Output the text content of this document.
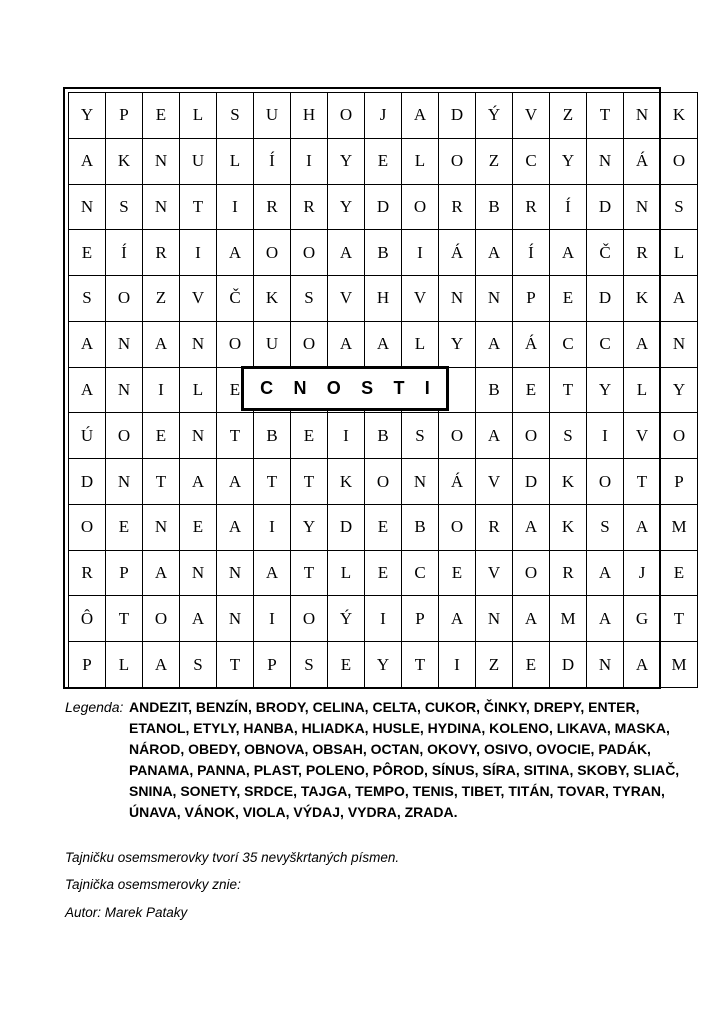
Y	P	E	L	S	U	H	O	J	A	D	Ý	V	Z	T	N	K
A	K	N	U	L	Í	I	Y	E	L	O	Z	C	Y	N	Á	O
N	S	N	T	I	R	R	Y	D	O	R	B	R	Í	D	N	S
E	Í	R	I	A	O	O	A	B	I	Á	A	Í	A	Č	R	L
S	O	Z	V	Č	K	S	V	H	V	N	N	P	E	D	K	A
A	N	A	N	O	U	O	A	A	L	Y	A	Á	C	C	A	N
A	N	I	L	E							B	E	T	Y	L	Y
Ú	O	E	N	T	B	E	I	B	S	O	A	O	S	I	V	O
D	N	T	A	A	T	T	K	O	N	Á	V	D	K	O	T	P
O	E	N	E	A	I	Y	D	E	B	O	R	A	K	S	A	M
R	P	A	N	N	A	T	L	E	C	E	V	O	R	A	J	E
Ô	T	O	A	N	I	O	Ý	I	P	A	N	A	M	A	G	T
P	L	A	S	T	P	S	E	Y	T	I	Z	E	D	N	A	M
C N O S T I
Legenda: ANDEZIT, BENZÍN, BRODY, CELINA, CELTA, CUKOR, ČINKY, DREPY, ENTER, ETANOL, ETYLY, HANBA, HLIADKA, HUSLE, HYDINA, KOLENO, LIKAVA, MASKA, NÁROD, OBEDY, OBNOVA, OBSAH, OCTAN, OKOVY, OSIVO, OVOCIE, PADÁK, PANAMA, PANNA, PLAST, POLENO, PÔROD, SÍNUS, SÍRA, SITINA, SKOBY, SLIAČ, SNINA, SONETY, SRDCE, TAJGA, TEMPO, TENIS, TIBET, TITÁN, TOVAR, TYRAN, ÚNAVA, VÁNOK, VIOLA, VÝDAJ, VYDRA, ZRADA.
Tajničku osemsmerovky tvorí 35 nevyškrtaných písmen.
Tajnička osemsmerovky znie:
Autor: Marek Pataky
